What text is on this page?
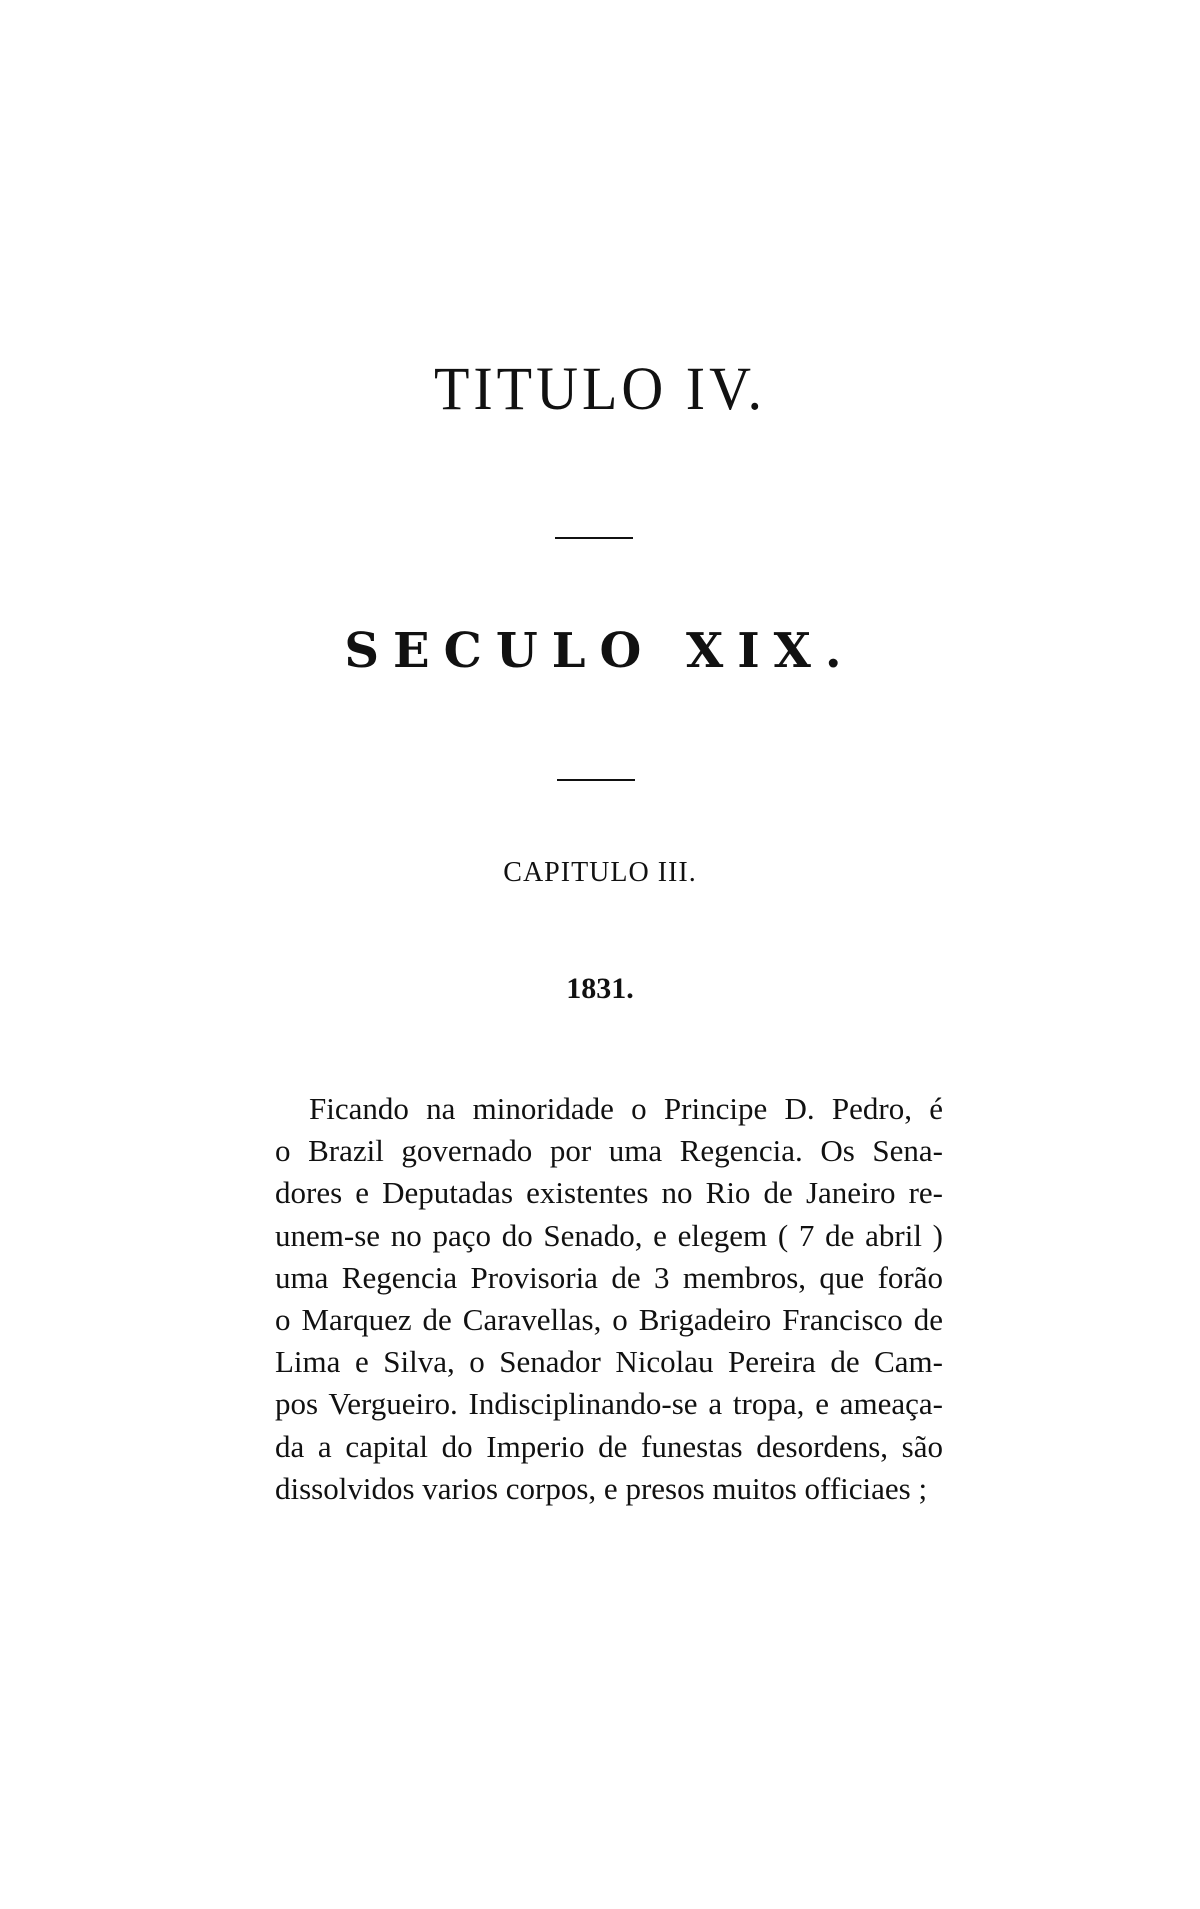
TITULO IV.
SECULO XIX.
CAPITULO III.
1831.
Ficando na minoridade o Principe D. Pedro, é
o Brazil governado por uma Regencia. Os Sena-
dores e Deputadas existentes no Rio de Janeiro re-
unem-se no paço do Senado, e elegem ( 7 de abril )
uma Regencia Provisoria de 3 membros, que forão
o Marquez de Caravellas, o Brigadeiro Francisco de
Lima e Silva, o Senador Nicolau Pereira de Cam-
pos Vergueiro. Indisciplinando-se a tropa, e ameaça-
da a capital do Imperio de funestas desordens, são
dissolvidos varios corpos, e presos muitos officiaes ;
